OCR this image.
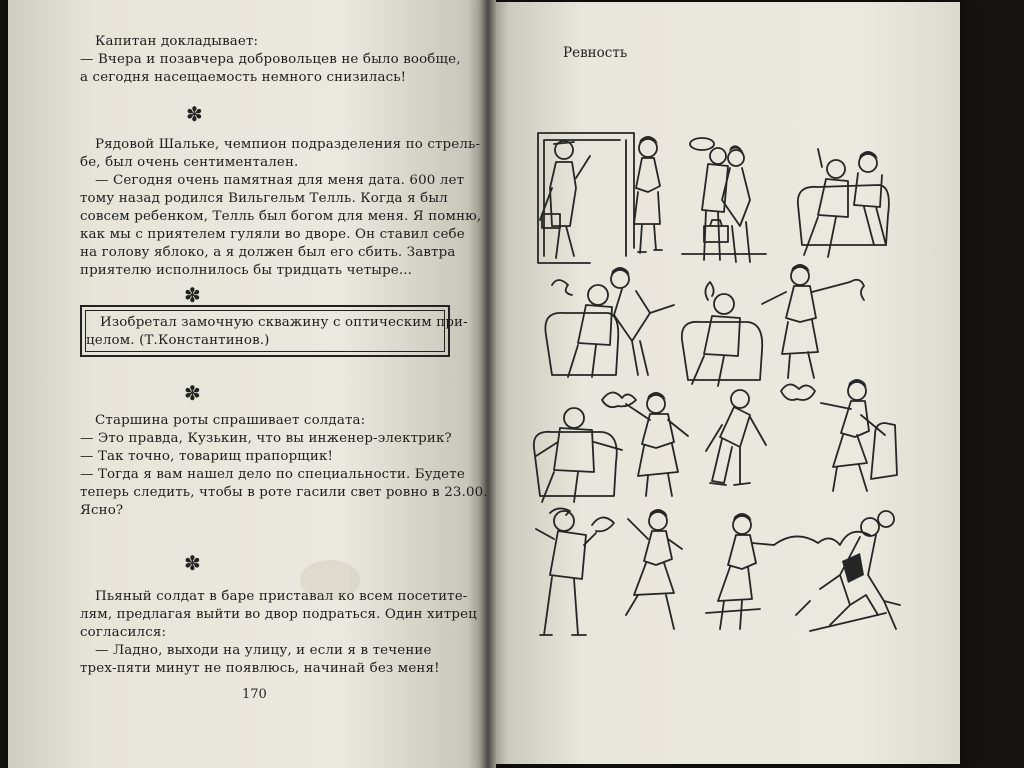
Капитан докладывает:
— Вчера и позавчера добровольцев не было вообще,
а сегодня насещаемость немного снизилась!
✽
Рядовой Шальке, чемпион подразделения по стрель-
бе, был очень сентиментален.
— Сегодня очень памятная для меня дата. 600 лет
тому назад родился Вильгельм Телль. Когда я был
совсем ребенком, Телль был богом для меня. Я помню,
как мы с приятелем гуляли во дворе. Он ставил себе
на голову яблоко, а я должен был его сбить. Завтра
приятелю исполнилось бы тридцать четыре...
✽
Изобретал замочную скважину с оптическим при-
целом. (Т.Константинов.)
✽
Старшина роты спрашивает солдата:
— Это правда, Кузькин, что вы инженер-электрик?
— Так точно, товарищ прапорщик!
— Тогда я вам нашел дело по специальности. Будете
теперь следить, чтобы в роте гасили свет ровно в 23.00.
Ясно?
✽
Пьяный солдат в баре приставал ко всем посетите-
лям, предлагая выйти во двор подраться. Один хитрец
согласился:
— Ладно, выходи на улицу, и если я в течение
трех-пяти минут не появлюсь, начинай без меня!
170
Ревность
